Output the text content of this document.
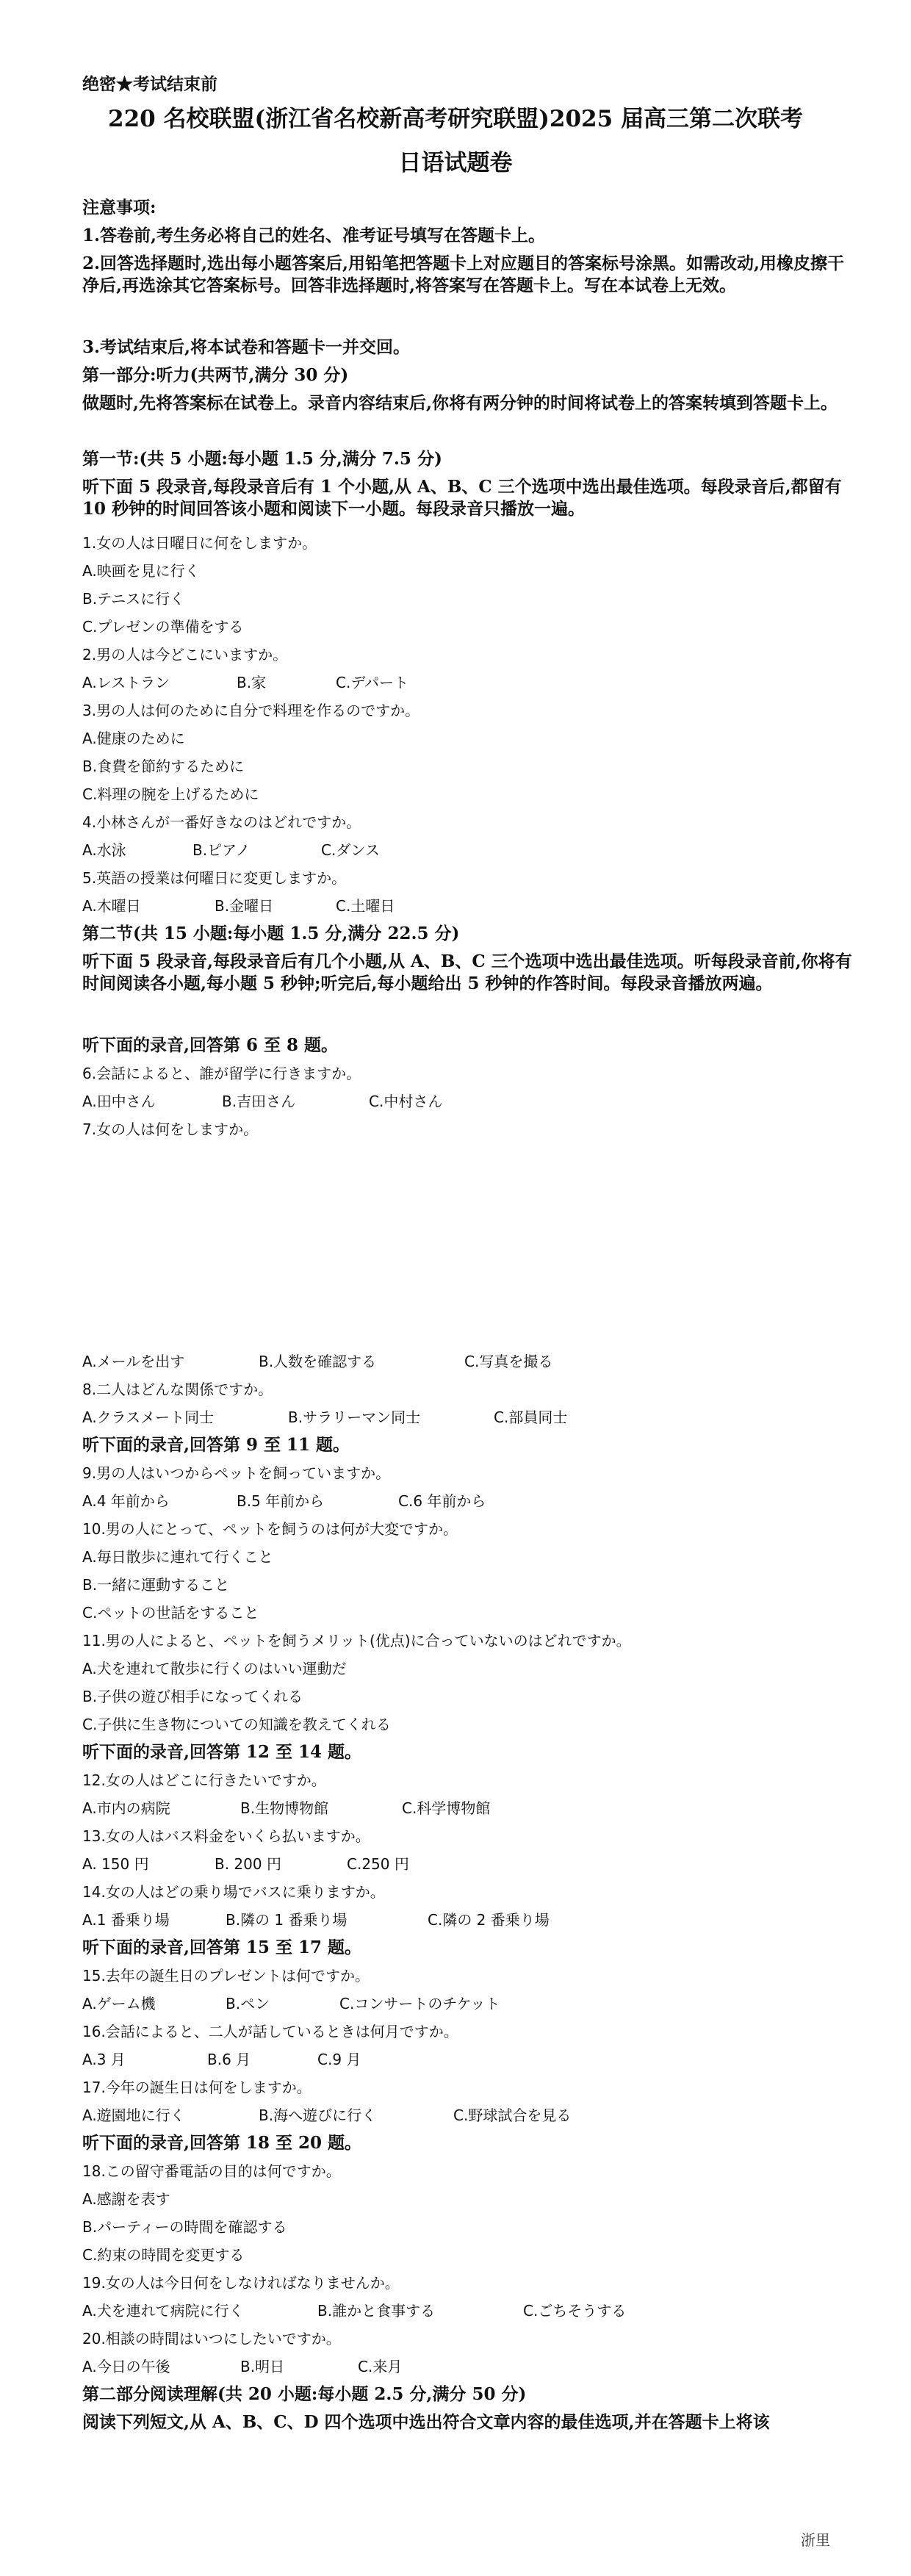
绝密★考试结束前
220 名校联盟(浙江省名校新高考研究联盟)2025 届高三第二次联考
日语试题卷
注意事项:
1.答卷前,考生务必将自己的姓名、准考证号填写在答题卡上。
2.回答选择题时,选出每小题答案后,用铅笔把答题卡上对应题目的答案标号涂黑。如需改动,用橡皮擦干净后,再选涂其它答案标号。回答非选择题时,将答案写在答题卡上。写在本试卷上无效。
3.考试结束后,将本试卷和答题卡一并交回。
第一部分:听力(共两节,满分 30 分)
做题时,先将答案标在试卷上。录音内容结束后,你将有两分钟的时间将试卷上的答案转填到答题卡上。
第一节:(共 5 小题:每小题 1.5 分,满分 7.5 分)
听下面 5 段录音,每段录音后有 1 个小题,从 A、B、C 三个选项中选出最佳选项。每段录音后,都留有 10 秒钟的时间回答该小题和阅读下一小题。每段录音只播放一遍。
1.女の人は日曜日に何をしますか。
A.映画を見に行く
B.テニスに行く
C.プレゼンの準備をする
2.男の人は今どこにいますか。
A.レストラン	B.家	C.デパート
3.男の人は何のために自分で料理を作るのですか。
A.健康のために
B.食費を節約するために
C.料理の腕を上げるために
4.小林さんが一番好きなのはどれですか。
A.水泳	B.ピアノ	C.ダンス
5.英語の授業は何曜日に変更しますか。
A.木曜日	B.金曜日	C.土曜日
第二节(共 15 小题:每小题 1.5 分,满分 22.5 分)
听下面 5 段录音,每段录音后有几个小题,从 A、B、C 三个选项中选出最佳选项。听每段录音前,你将有时间阅读各小题,每小题 5 秒钟;听完后,每小题给出 5 秒钟的作答时间。每段录音播放两遍。
听下面的录音,回答第 6 至 8 题。
6.会話によると、誰が留学に行きますか。
A.田中さん	B.吉田さん	C.中村さん
7.女の人は何をしますか。
A.メールを出す	B.人数を確認する	C.写真を撮る
8.二人はどんな関係ですか。
A.クラスメート同士	B.サラリーマン同士	C.部員同士
听下面的录音,回答第 9 至 11 题。
9.男の人はいつからペットを飼っていますか。
A.4 年前から	B.5 年前から	C.6 年前から
10.男の人にとって、ペットを飼うのは何が大変ですか。
A.毎日散歩に連れて行くこと
B.一緒に運動すること
C.ペットの世話をすること
11.男の人によると、ペットを飼うメリット(优点)に合っていないのはどれですか。
A.犬を連れて散歩に行くのはいい運動だ
B.子供の遊び相手になってくれる
C.子供に生き物についての知識を教えてくれる
听下面的录音,回答第 12 至 14 题。
12.女の人はどこに行きたいですか。
A.市内の病院	B.生物博物館	C.科学博物館
13.女の人はバス料金をいくら払いますか。
A. 150 円	B. 200 円	C.250 円
14.女の人はどの乗り場でバスに乗りますか。
A.1 番乗り場	B.隣の 1 番乗り場	C.隣の 2 番乗り場
听下面的录音,回答第 15 至 17 题。
15.去年の誕生日のプレゼントは何ですか。
A.ゲーム機	B.ペン	C.コンサートのチケット
16.会話によると、二人が話しているときは何月ですか。
A.3 月	B.6 月	C.9 月
17.今年の誕生日は何をしますか。
A.遊園地に行く	B.海へ遊びに行く	C.野球試合を見る
听下面的录音,回答第 18 至 20 题。
18.この留守番電話の目的は何ですか。
A.感謝を表す
B.パーティーの時間を確認する
C.約束の時間を変更する
19.女の人は今日何をしなければなりませんか。
A.犬を連れて病院に行く	B.誰かと食事する	C.ごちそうする
20.相談の時間はいつにしたいですか。
A.今日の午後	B.明日	C.来月
第二部分阅读理解(共 20 小题:每小题 2.5 分,满分 50 分)
阅读下列短文,从 A、B、C、D 四个选项中选出符合文章内容的最佳选项,并在答题卡上将该
浙里
